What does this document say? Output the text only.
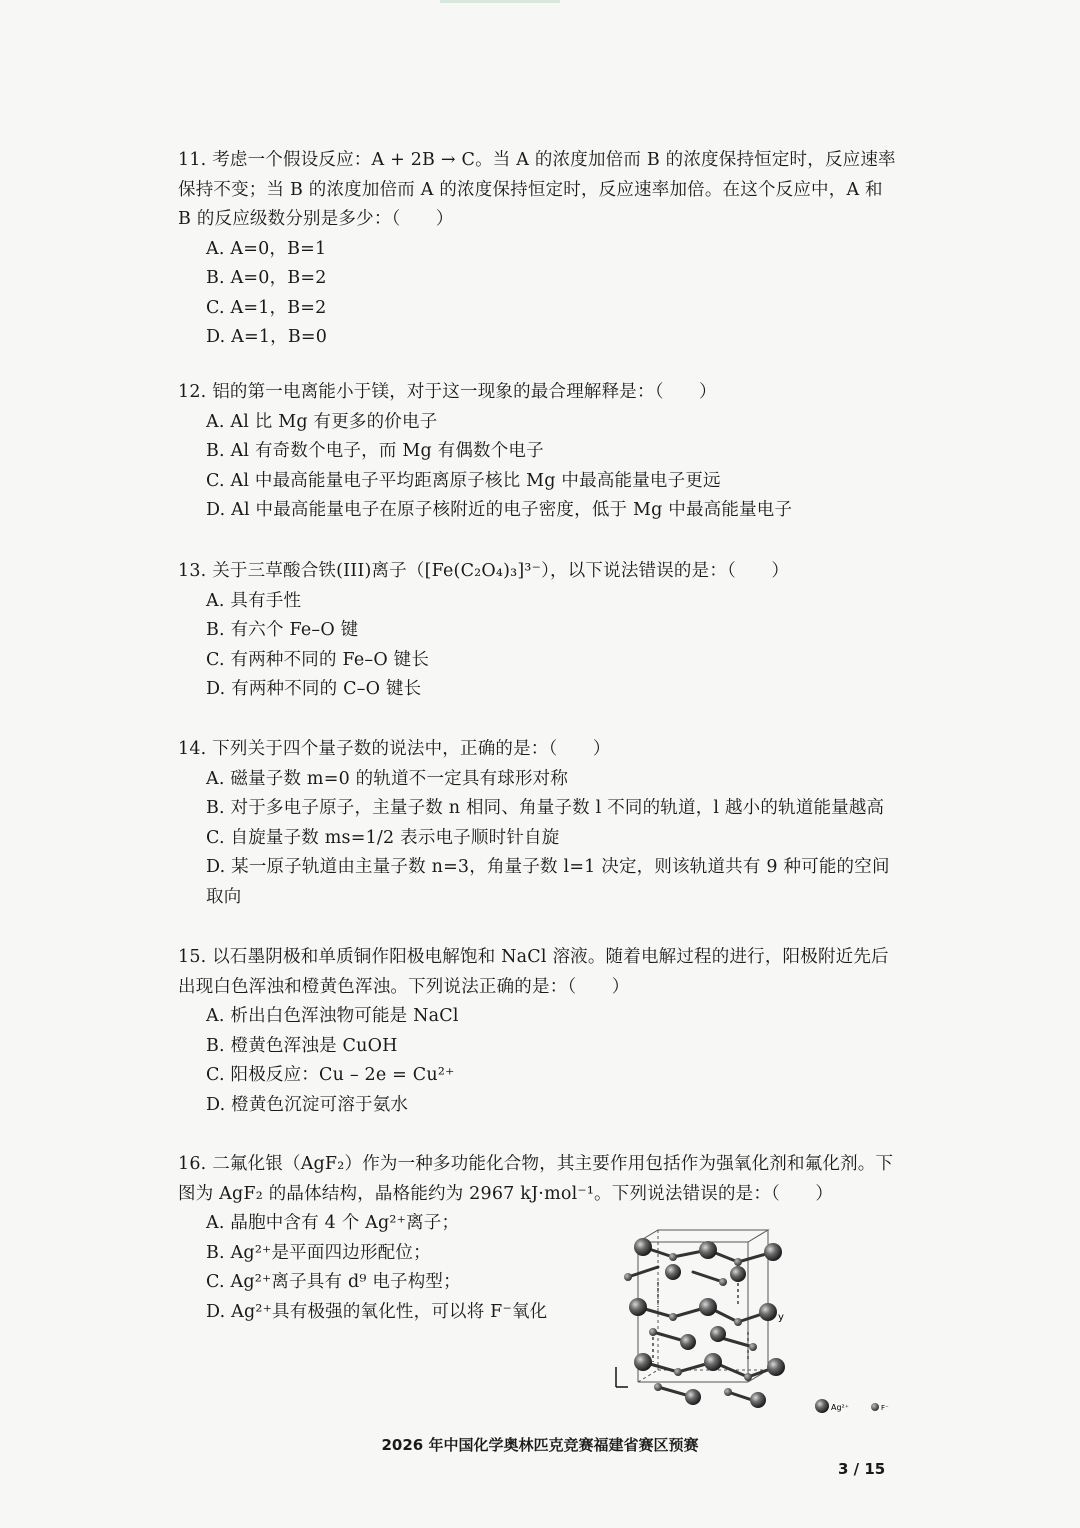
11. 考虑一个假设反应：A + 2B → C。当 A 的浓度加倍而 B 的浓度保持恒定时，反应速率保持不变；当 B 的浓度加倍而 A 的浓度保持恒定时，反应速率加倍。在这个反应中，A 和 B 的反应级数分别是多少：（　　）

A. A=0，B=1

B. A=0，B=2

C. A=1，B=2

D. A=1，B=0

12. 铝的第一电离能小于镁，对于这一现象的最合理解释是：（　　）

A. Al 比 Mg 有更多的价电子

B. Al 有奇数个电子，而 Mg 有偶数个电子

C. Al 中最高能量电子平均距离原子核比 Mg 中最高能量电子更远

D. Al 中最高能量电子在原子核附近的电子密度，低于 Mg 中最高能量电子

13. 关于三草酸合铁(III)离子（[Fe(C₂O₄)₃]³⁻），以下说法错误的是：（　　）

A. 具有手性

B. 有六个 Fe–O 键

C. 有两种不同的 Fe–O 键长

D. 有两种不同的 C–O 键长

14. 下列关于四个量子数的说法中，正确的是：（　　）

A. 磁量子数 m=0 的轨道不一定具有球形对称

B. 对于多电子原子，主量子数 n 相同、角量子数 l 不同的轨道，l 越小的轨道能量越高

C. 自旋量子数 ms=1/2 表示电子顺时针自旋

D. 某一原子轨道由主量子数 n=3，角量子数 l=1 决定，则该轨道共有 9 种可能的空间取向

15. 以石墨阴极和单质铜作阳极电解饱和 NaCl 溶液。随着电解过程的进行，阳极附近先后出现白色浑浊和橙黄色浑浊。下列说法正确的是：（　　）

A. 析出白色浑浊物可能是 NaCl

B. 橙黄色浑浊是 CuOH

C. 阳极反应：Cu – 2e = Cu²⁺

D. 橙黄色沉淀可溶于氨水

16. 二氟化银（AgF₂）作为一种多功能化合物，其主要作用包括作为强氧化剂和氟化剂。下图为 AgF₂ 的晶体结构，晶格能约为 2967 kJ·mol⁻¹。下列说法错误的是：（　　）

A. 晶胞中含有 4 个 Ag²⁺离子；

B. Ag²⁺是平面四边形配位；

C. Ag²⁺离子具有 d⁹ 电子构型；

D. Ag²⁺具有极强的氧化性，可以将 F⁻氧化	y
Ag²⁺	F⁻
2026 年中国化学奥林匹克竞赛福建省赛区预赛
3 / 15
